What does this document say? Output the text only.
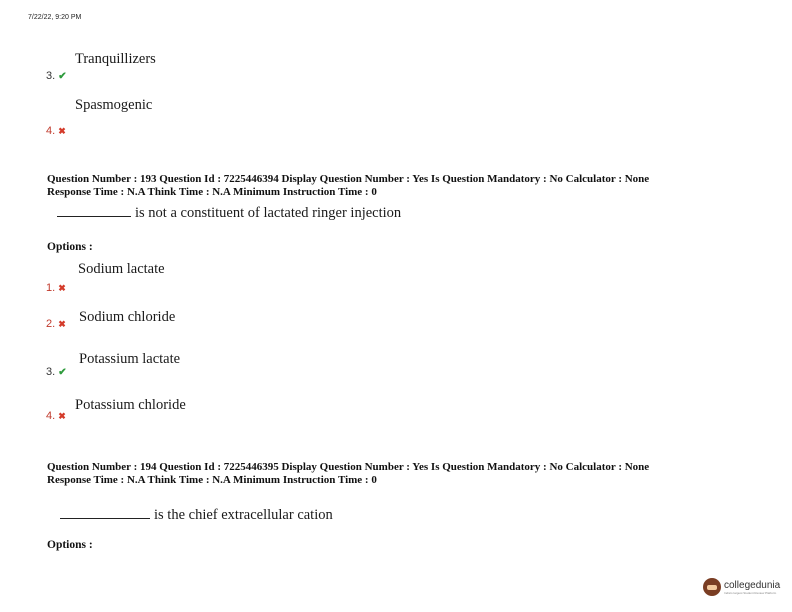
7/22/22, 9:20 PM
Tranquillizers
3. ✔
Spasmogenic
4. ✖
Question Number : 193 Question Id : 7225446394 Display Question Number : Yes Is Question Mandatory : No Calculator : None
Response Time : N.A Think Time : N.A Minimum Instruction Time : 0
is not a constituent of lactated ringer injection
Options :
Sodium lactate
1. ✖
2. ✖ Sodium chloride
Potassium lactate
3. ✔
Potassium chloride
4. ✖
Question Number : 194 Question Id : 7225446395 Display Question Number : Yes Is Question Mandatory : No Calculator : None
Response Time : N.A Think Time : N.A Minimum Instruction Time : 0
is the chief extracellular cation
Options :
collegedunia
India's largest Student Review Platform
